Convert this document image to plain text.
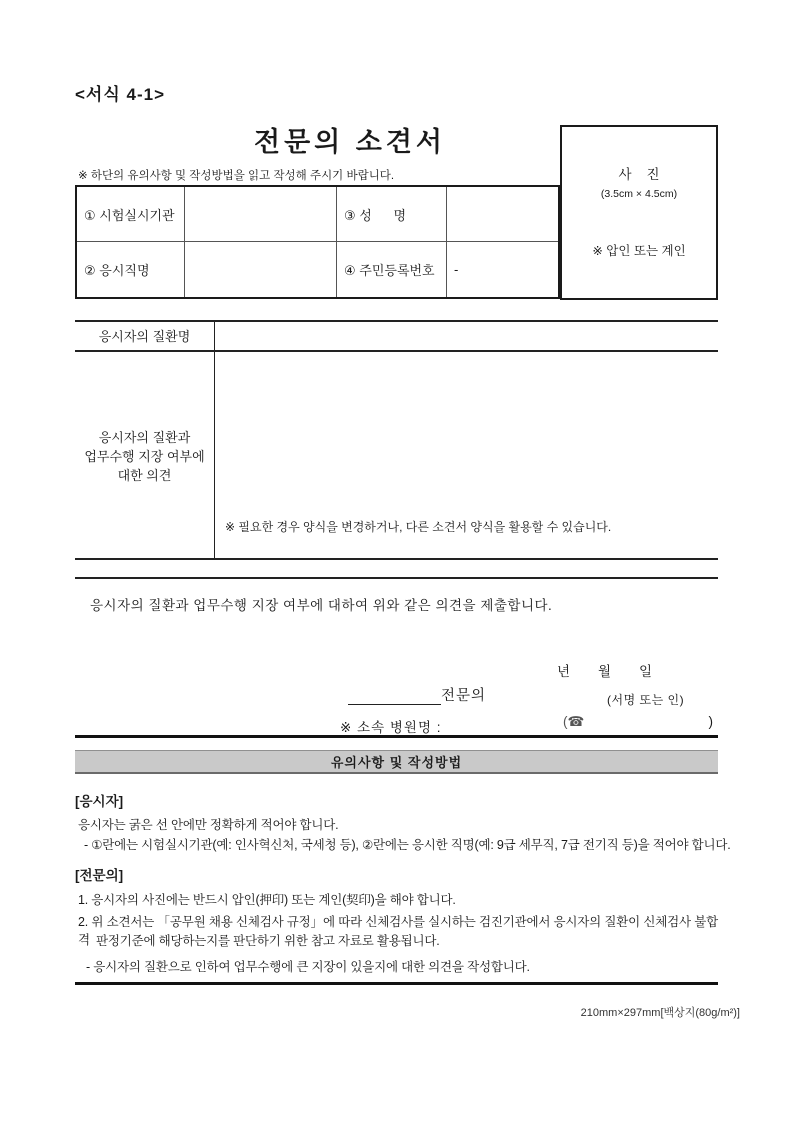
<서식 4-1>
전문의 소견서
※ 하단의 유의사항 및 작성방법을 읽고 작성해 주시기 바랍니다.	사    진
(3.5cm × 4.5cm)
※ 압인 또는 계인
① 시험실시기관	③ 성      명
② 응시직명	④ 주민등록번호	-
응시자의 질환명
응시자의 질환과
업무수행 지장 여부에
대한 의견
※ 필요한 경우 양식을 변경하거나, 다른 소견서 양식을 활용할 수 있습니다.
응시자의 질환과 업무수행 지장 여부에 대하여 위와 같은 의견을 제출합니다.
년 월 일
전문의	(서명 또는 인)
※ 소속 병원명 :	(☎	)
유의사항 및 작성방법
[응시자]
응시자는 굵은 선 안에만 정확하게 적어야 합니다.
- ①란에는 시험실시기관(예: 인사혁신처, 국세청 등), ②란에는 응시한 직명(예: 9급 세무직, 7급 전기직 등)을 적어야 합니다.
[전문의]
1. 응시자의 사진에는 반드시 압인(押印) 또는 계인(契印)을 해야 합니다.
2. 위 소견서는 「공무원 채용 신체검사 규정」에 따라 신체검사를 실시하는 검진기관에서 응시자의 질환이 신체검사 불합격 판정기준에 해당하는지를 판단하기 위한 참고 자료로 활용됩니다.
- 응시자의 질환으로 인하여 업무수행에 큰 지장이 있을지에 대한 의견을 작성합니다.
210mm×297mm[백상지(80g/m²)]
